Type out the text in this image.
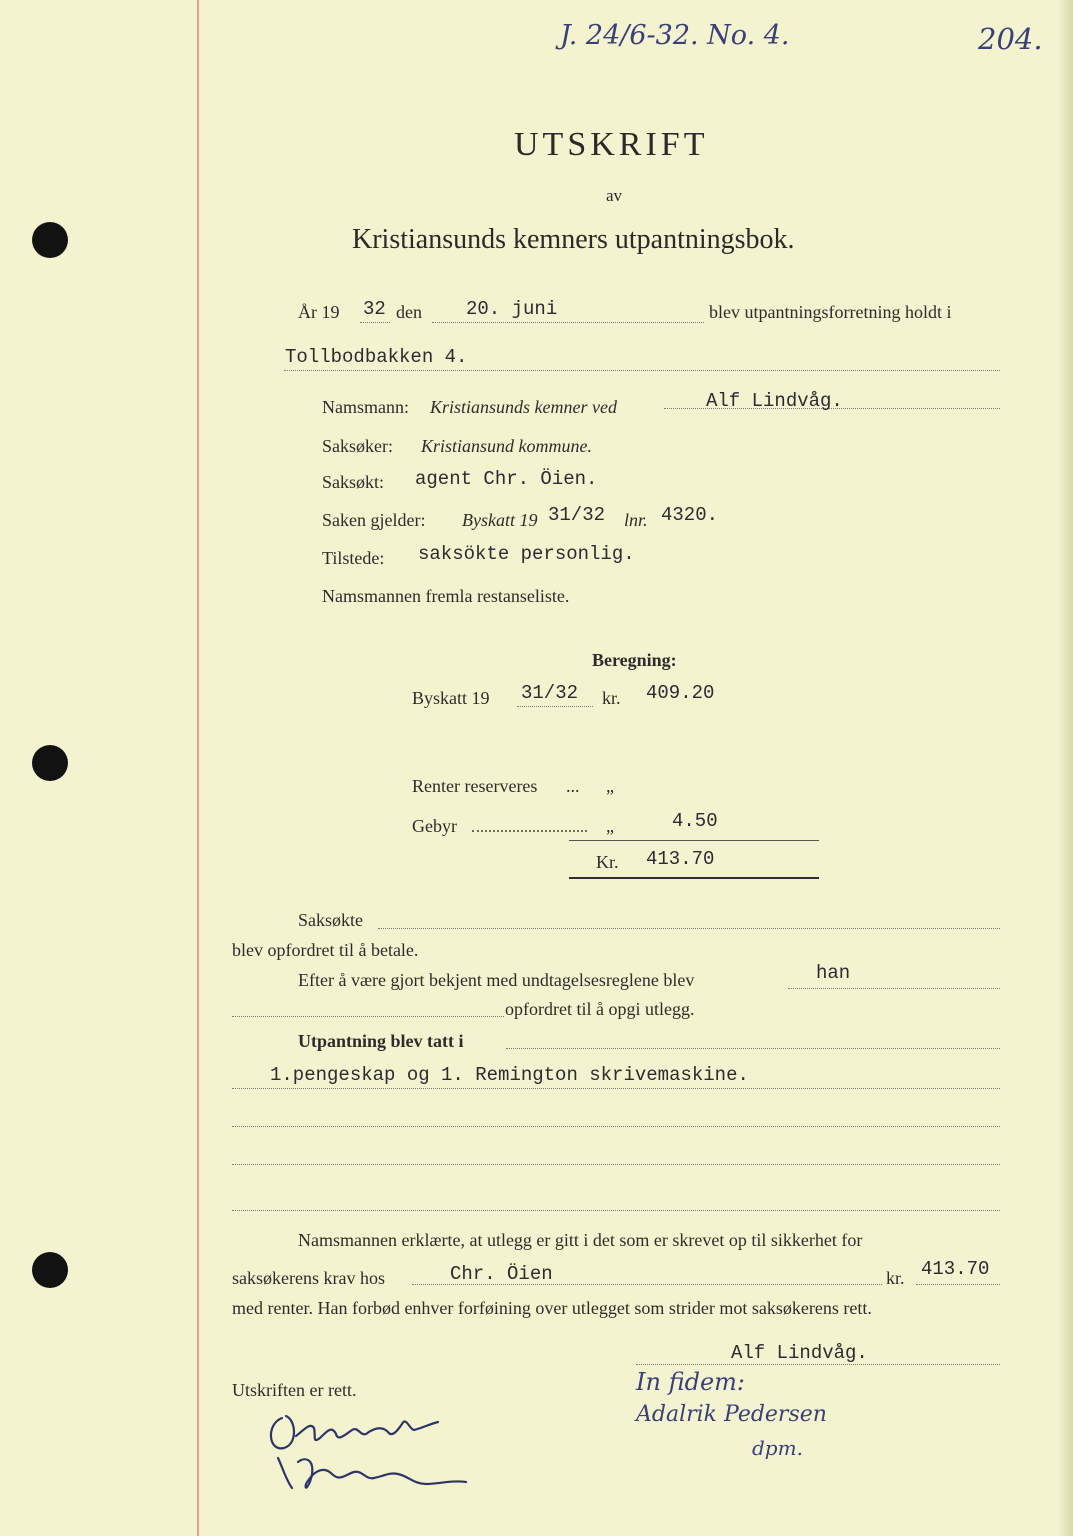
J. 24/6-32. No. 4.	204.
UTSKRIFT
av
Kristiansunds kemners utpantningsbok.
År 19 32 den 20. juni	blev utpantningsforretning holdt i
Tollbodbakken 4.
Namsmann: Kristiansunds kemner ved	Alf Lindvåg.
Saksøker: Kristiansund kommune.
Saksøkt: agent Chr. Öien.
Saken gjelder: Byskatt 19 31/32 lnr. 4320.
Tilstede: saksökte personlig.
Namsmannen fremla restanseliste.
Beregning:
Byskatt 19 31/32 kr. 409.20
Renter reserveres ... „
Gebyr	„	4.50
Kr. 413.70
Saksøkte
blev opfordret til å betale.
Efter å være gjort bekjent med undtagelsesreglene blev	han
opfordret til å opgi utlegg.
Utpantning blev tatt i
1.pengeskap og 1. Remington skrivemaskine.
Namsmannen erklærte, at utlegg er gitt i det som er skrevet op til sikkerhet for
saksøkerens krav hos	Chr. Öien	kr. 413.70
med renter. Han forbød enhver forføining over utlegget som strider mot saksøkerens rett.
Alf Lindvåg.
Utskriften er rett.	In fidem:
Adalrik Pedersen
dpm.
